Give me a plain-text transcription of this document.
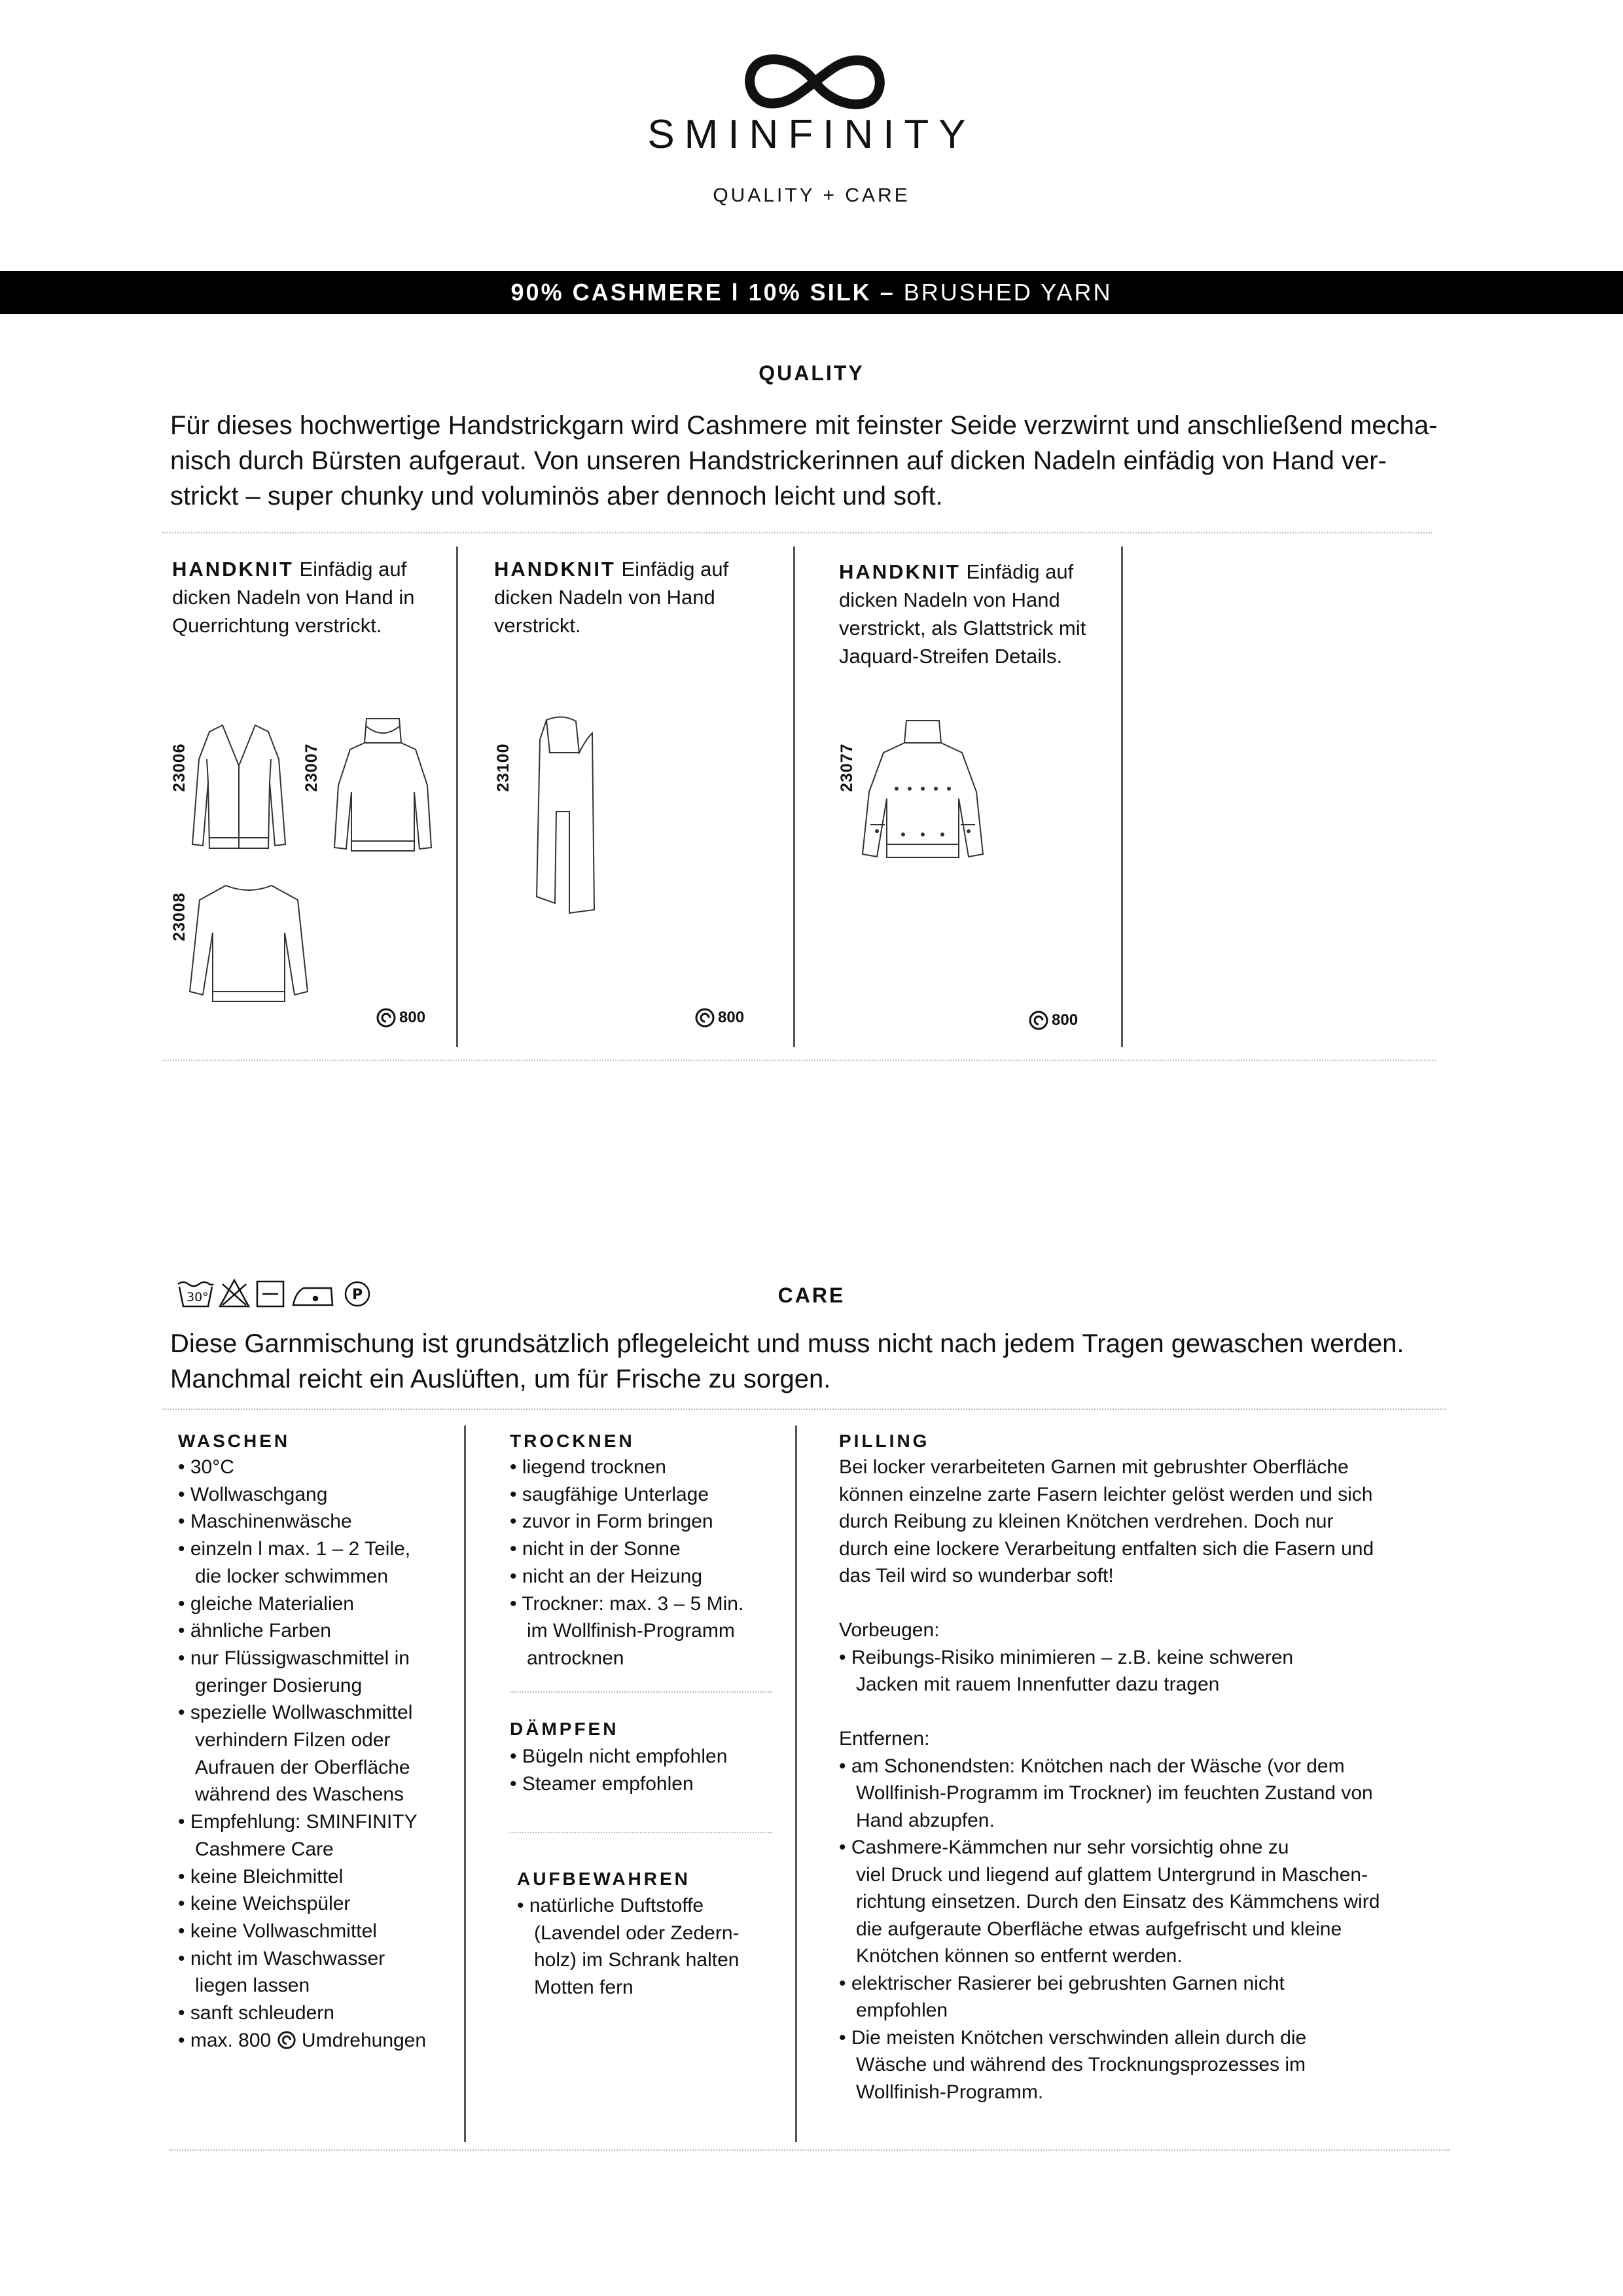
SMINFINITY
QUALITY + CARE
90% CASHMERE l 10% SILK – BRUSHED YARN
QUALITY
Für dieses hochwertige Handstrickgarn wird Cashmere mit feinster Seide verzwirnt und anschließend mecha-
nisch durch Bürsten aufgeraut. Von unseren Handstrickerinnen auf dicken Nadeln einfädig von Hand ver-
strickt – super chunky und voluminös aber dennoch leicht und soft.
HANDKNIT Einfädig auf
dicken Nadeln von Hand in
Querrichtung verstrickt.
23006	23007
23008
800
HANDKNIT Einfädig auf
dicken Nadeln von Hand
verstrickt.
23100
800
HANDKNIT Einfädig auf
dicken Nadeln von Hand
verstrickt, als Glattstrick mit
Jaquard-Streifen Details.
23077
800
30°	P	CARE
Diese Garnmischung ist grundsätzlich pflegeleicht und muss nicht nach jedem Tragen gewaschen werden.
Manchmal reicht ein Auslüften, um für Frische zu sorgen.
WASCHEN
• 30°C
• Wollwaschgang
• Maschinenwäsche
• einzeln l max. 1 – 2 Teile,
die locker schwimmen
• gleiche Materialien
• ähnliche Farben
• nur Flüssigwaschmittel in
geringer Dosierung
• spezielle Wollwaschmittel
verhindern Filzen oder
Aufrauen der Oberfläche
während des Waschens
• Empfehlung: SMINFINITY
Cashmere Care
• keine Bleichmittel
• keine Weichspüler
• keine Vollwaschmittel
• nicht im Waschwasser
liegen lassen
• sanft schleudern
• max. 800  Umdrehungen
TROCKNEN
• liegend trocknen
• saugfähige Unterlage
• zuvor in Form bringen
• nicht in der Sonne
• nicht an der Heizung
• Trockner: max. 3 – 5 Min.
im Wollfinish-Programm
antrocknen
DÄMPFEN
• Bügeln nicht empfohlen
• Steamer empfohlen
AUFBEWAHREN
• natürliche Duftstoffe
(Lavendel oder Zedern-
holz) im Schrank halten
Motten fern
PILLING
Bei locker verarbeiteten Garnen mit gebrushter Oberfläche
können einzelne zarte Fasern leichter gelöst werden und sich
durch Reibung zu kleinen Knötchen verdrehen. Doch nur
durch eine lockere Verarbeitung entfalten sich die Fasern und
das Teil wird so wunderbar soft!
Vorbeugen:
• Reibungs-Risiko minimieren – z.B. keine schweren
Jacken mit rauem Innenfutter dazu tragen
Entfernen:
• am Schonendsten: Knötchen nach der Wäsche (vor dem
Wollfinish-Programm im Trockner) im feuchten Zustand von
Hand abzupfen.
• Cashmere-Kämmchen nur sehr vorsichtig ohne zu
viel Druck und liegend auf glattem Untergrund in Maschen-
richtung einsetzen. Durch den Einsatz des Kämmchens wird
die aufgeraute Oberfläche etwas aufgefrischt und kleine
Knötchen können so entfernt werden.
• elektrischer Rasierer bei gebrushten Garnen nicht
empfohlen
• Die meisten Knötchen verschwinden allein durch die
Wäsche und während des Trocknungsprozesses im
Wollfinish-Programm.
